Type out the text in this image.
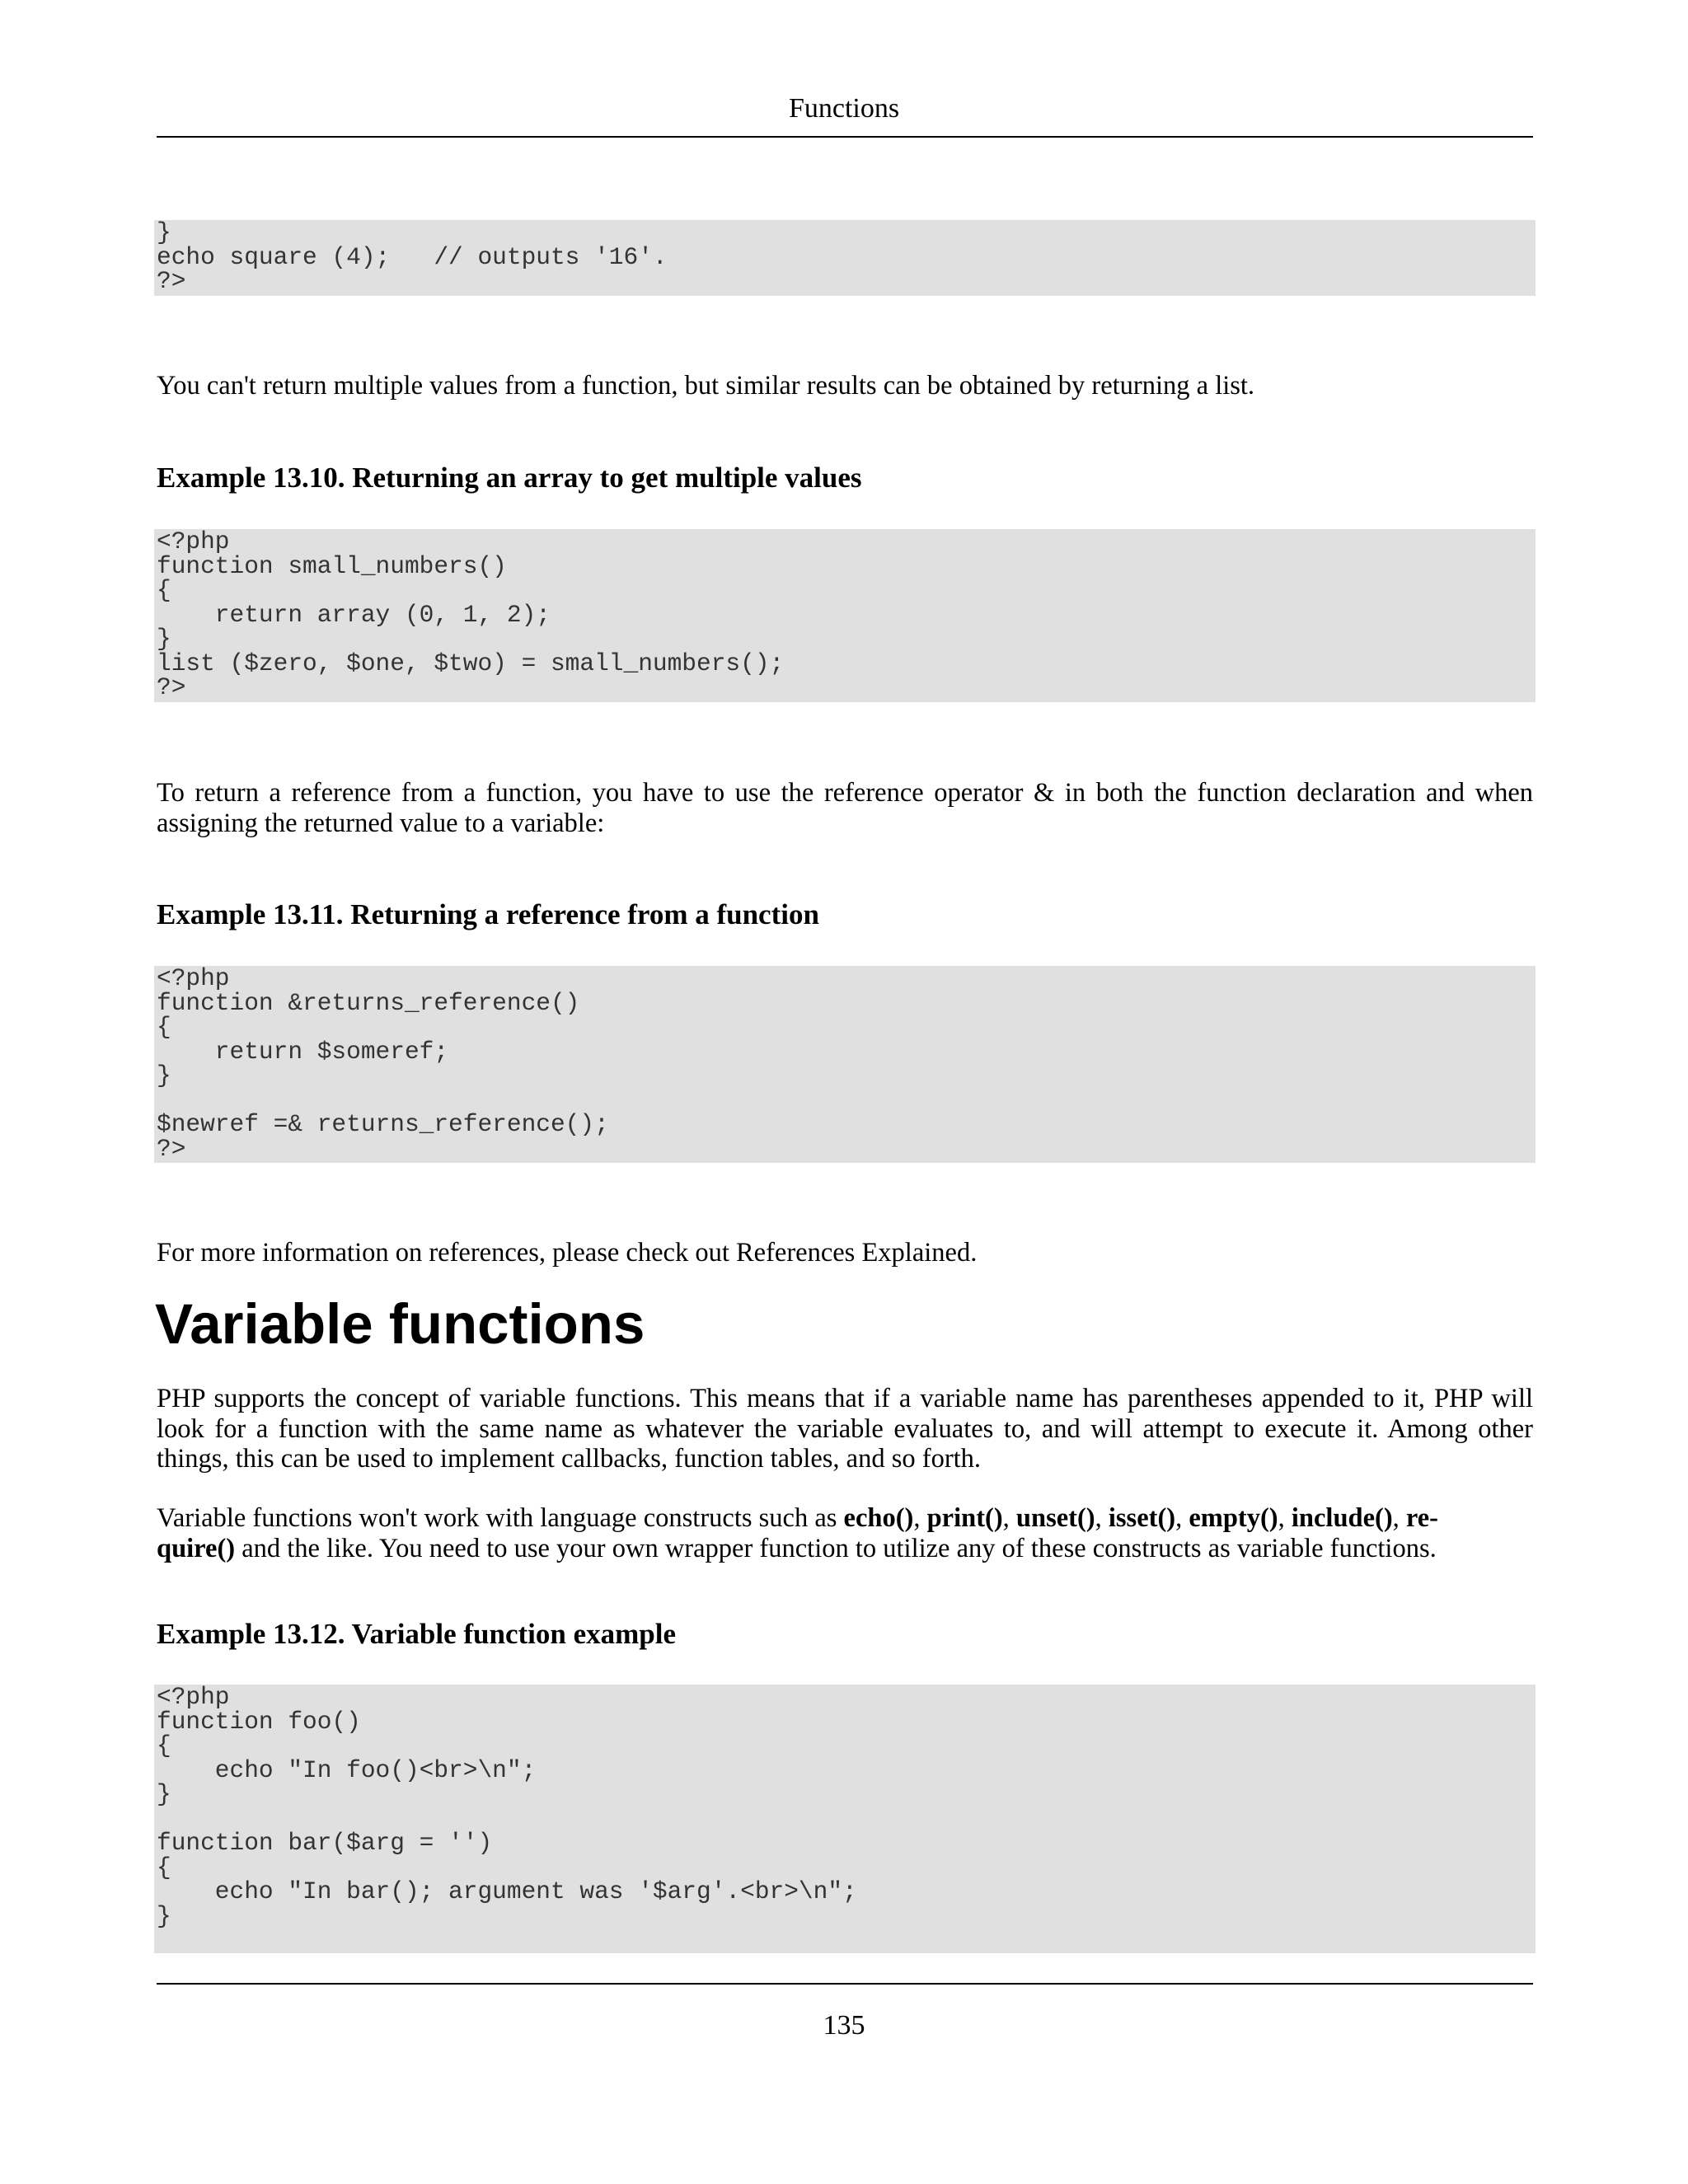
Functions
}
echo square (4);   // outputs '16'.
?>

You can't return multiple values from a function, but similar results can be obtained by returning a list.

Example 13.10. Returning an array to get multiple values
<?php
function small_numbers()
{
return array (0, 1, 2);
}
list ($zero, $one, $two) = small_numbers();
?>

To return a reference from a function, you have to use the reference operator & in both the function declaration and when assigning the returned value to a variable:

Example 13.11. Returning a reference from a function
<?php
function &returns_reference()
{
return $someref;
}
$newref =& returns_reference();
?>

For more information on references, please check out References Explained.

Variable functions

PHP supports the concept of variable functions. This means that if a variable name has parentheses appended to it, PHP will look for a function with the same name as whatever the variable evaluates to, and will attempt to execute it. Among other things, this can be used to implement callbacks, function tables, and so forth.

Variable functions won't work with language constructs such as echo(), print(), unset(), isset(), empty(), include(), re-
quire() and the like. You need to use your own wrapper function to utilize any of these constructs as variable functions.

Example 13.12. Variable function example
<?php
function foo()
{
echo "In foo()<br>\n";
}
function bar($arg = '')
{
echo "In bar(); argument was '$arg'.<br>\n";
}
135
